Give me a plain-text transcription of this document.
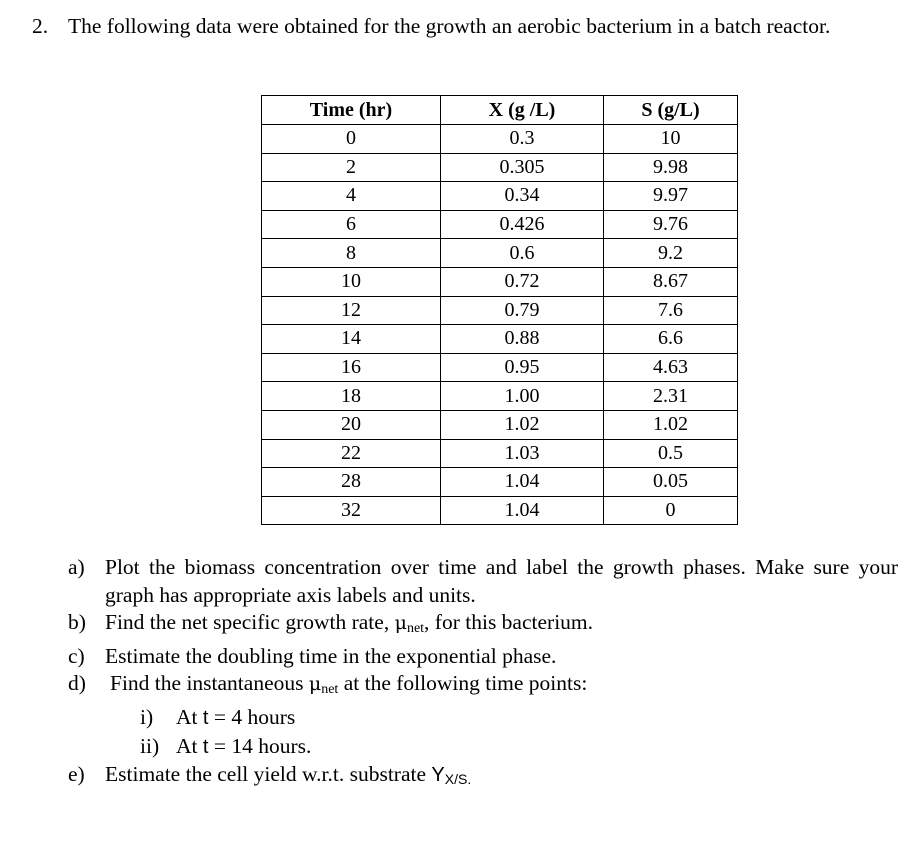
2. The following data were obtained for the growth an aerobic bacterium in a batch reactor.
Time (hr)	X (g /L)	S (g/L)
0	0.3	10
2	0.305	9.98
4	0.34	9.97
6	0.426	9.76
8	0.6	9.2
10	0.72	8.67
12	0.79	7.6
14	0.88	6.6
16	0.95	4.63
18	1.00	2.31
20	1.02	1.02
22	1.03	0.5
28	1.04	0.05
32	1.04	0
a) Plot the biomass concentration over time and label the growth phases. Make sure your graph has appropriate axis labels and units.
b) Find the net specific growth rate, μnet, for this bacterium.
c) Estimate the doubling time in the exponential phase.
d) Find the instantaneous μnet at the following time points:
i) At t = 4 hours
ii) At t = 14 hours.
e) Estimate the cell yield w.r.t. substrate YX/S.
